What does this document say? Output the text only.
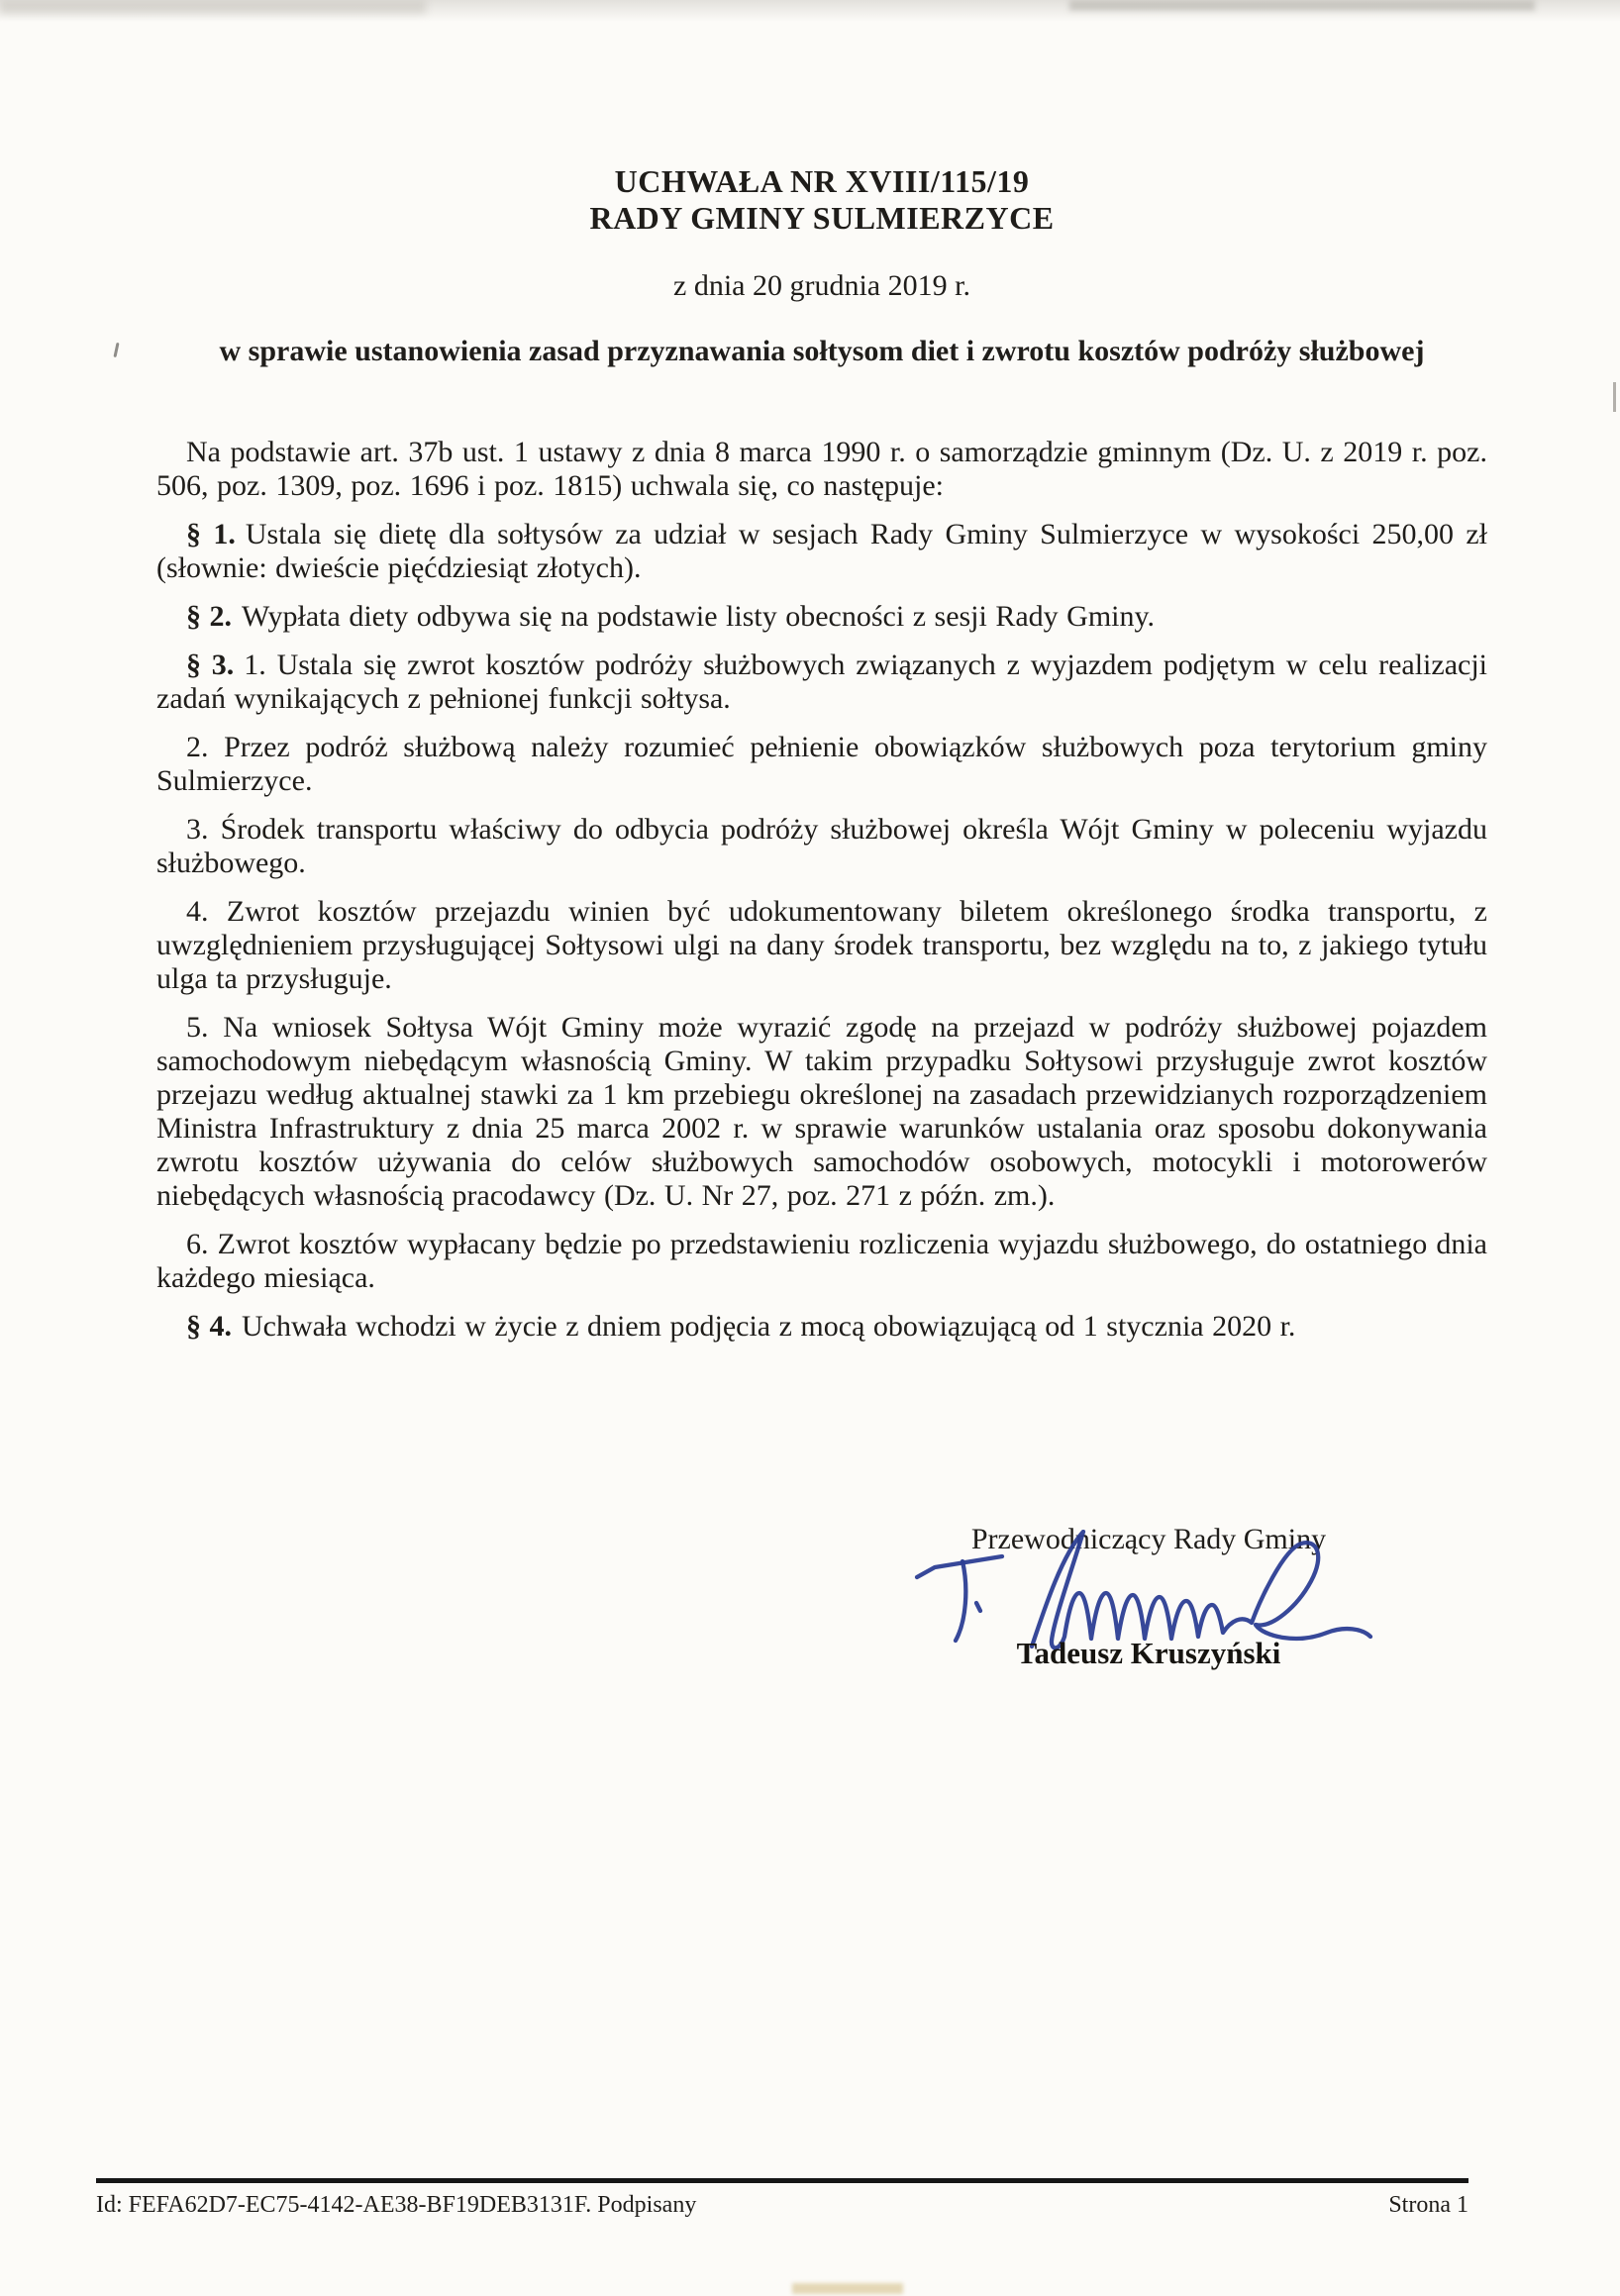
UCHWAŁA NR XVIII/115/19
RADY GMINY SULMIERZYCE

z dnia 20 grudnia 2019 r.

w sprawie ustanowienia zasad przyznawania sołtysom diet i zwrotu kosztów podróży służbowej

Na podstawie art. 37b ust. 1 ustawy z dnia 8 marca 1990 r. o samorządzie gminnym (Dz. U. z 2019 r. poz. 506, poz. 1309, poz. 1696 i poz. 1815) uchwala się, co następuje:

§ 1. Ustala się dietę dla sołtysów za udział w sesjach Rady Gminy Sulmierzyce w wysokości 250,00 zł (słownie: dwieście pięćdziesiąt złotych).

§ 2. Wypłata diety odbywa się na podstawie listy obecności z sesji Rady Gminy.

§ 3. 1. Ustala się zwrot kosztów podróży służbowych związanych z wyjazdem podjętym w celu realizacji zadań wynikających z pełnionej funkcji sołtysa.

2. Przez podróż służbową należy rozumieć pełnienie obowiązków służbowych poza terytorium gminy Sulmierzyce.

3. Środek transportu właściwy do odbycia podróży służbowej określa Wójt Gminy w poleceniu wyjazdu służbowego.

4. Zwrot kosztów przejazdu winien być udokumentowany biletem określonego środka transportu, z uwzględnieniem przysługującej Sołtysowi ulgi na dany środek transportu, bez względu na to, z jakiego tytułu ulga ta przysługuje.

5. Na wniosek Sołtysa Wójt Gminy może wyrazić zgodę na przejazd w podróży służbowej pojazdem samochodowym niebędącym własnością Gminy. W takim przypadku Sołtysowi przysługuje zwrot kosztów przejazu według aktualnej stawki za 1 km przebiegu określonej na zasadach przewidzianych rozporządzeniem Ministra Infrastruktury z dnia 25 marca 2002 r. w sprawie warunków ustalania oraz sposobu dokonywania zwrotu kosztów używania do celów służbowych samochodów osobowych, motocykli i motorowerów niebędących własnością pracodawcy (Dz. U. Nr 27, poz. 271 z późn. zm.).

6. Zwrot kosztów wypłacany będzie po przedstawieniu rozliczenia wyjazdu służbowego, do ostatniego dnia każdego miesiąca.

§ 4. Uchwała wchodzi w życie z dniem podjęcia z mocą obowiązującą od 1 stycznia 2020 r.

Przewodniczący Rady Gminy
Tadeusz Kruszyński
Id: FEFA62D7-EC75-4142-AE38-BF19DEB3131F. Podpisany	Strona 1
